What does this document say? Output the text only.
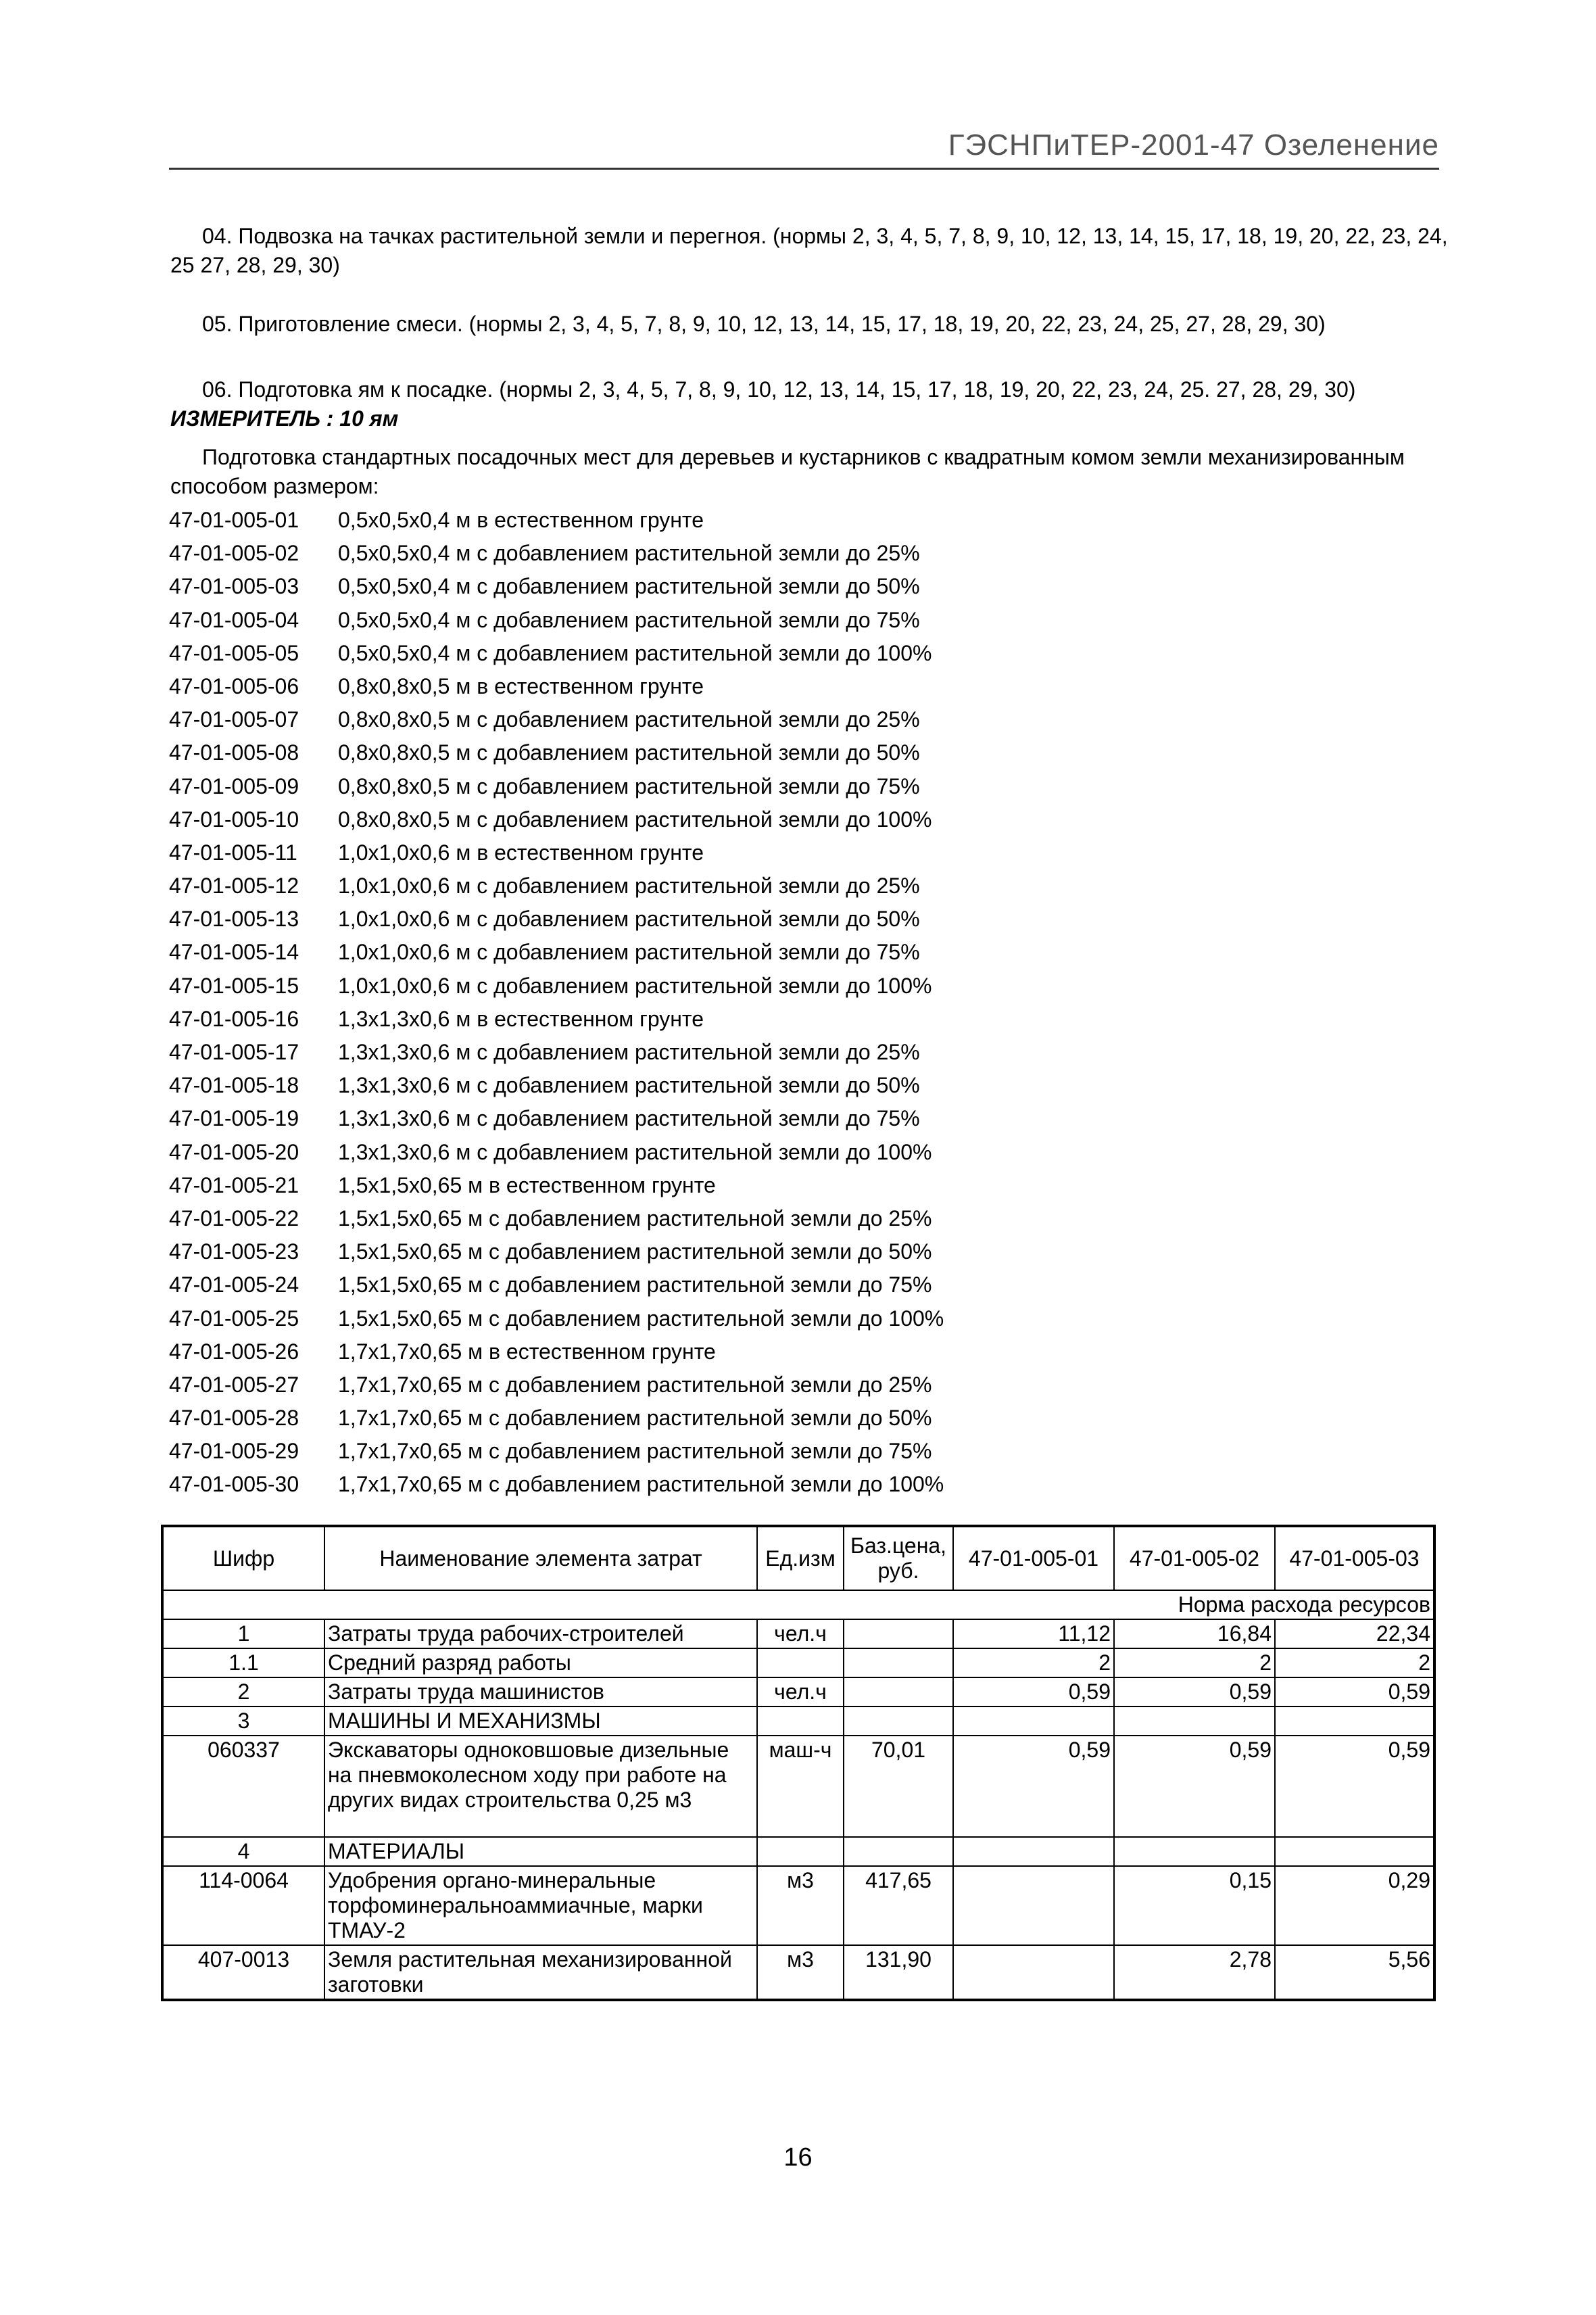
ГЭСНПиТЕР-2001-47 Озеленение
04. Подвозка на тачках растительной земли и перегноя. (нормы 2, 3, 4, 5, 7, 8, 9, 10, 12, 13, 14, 15, 17, 18, 19, 20, 22, 23, 24,
25 27, 28, 29, 30)
05. Приготовление смеси. (нормы 2, 3, 4, 5, 7, 8, 9, 10, 12, 13, 14, 15, 17, 18, 19, 20, 22, 23, 24, 25, 27, 28, 29, 30)
06. Подготовка ям к посадке. (нормы 2, 3, 4, 5, 7, 8, 9, 10, 12, 13, 14, 15, 17, 18, 19, 20, 22, 23, 24, 25. 27, 28, 29, 30)
ИЗМЕРИТЕЛЬ : 10 ям
Подготовка стандартных посадочных мест для деревьев и кустарников с квадратным комом земли механизированным
способом размером:
47-01-005-01	0,5x0,5x0,4 м в естественном грунте
47-01-005-02	0,5x0,5x0,4 м с добавлением растительной земли до 25%
47-01-005-03	0,5x0,5x0,4 м с добавлением растительной земли до 50%
47-01-005-04	0,5x0,5x0,4 м с добавлением растительной земли до 75%
47-01-005-05	0,5x0,5x0,4 м с добавлением растительной земли до 100%
47-01-005-06	0,8x0,8x0,5 м в естественном грунте
47-01-005-07	0,8x0,8x0,5 м с добавлением растительной земли до 25%
47-01-005-08	0,8x0,8x0,5 м с добавлением растительной земли до 50%
47-01-005-09	0,8x0,8x0,5 м с добавлением растительной земли до 75%
47-01-005-10	0,8x0,8x0,5 м с добавлением растительной земли до 100%
47-01-005-11	1,0x1,0x0,6 м в естественном грунте
47-01-005-12	1,0x1,0x0,6 м с добавлением растительной земли до 25%
47-01-005-13	1,0x1,0x0,6 м с добавлением растительной земли до 50%
47-01-005-14	1,0x1,0x0,6 м с добавлением растительной земли до 75%
47-01-005-15	1,0x1,0x0,6 м с добавлением растительной земли до 100%
47-01-005-16	1,3x1,3x0,6 м в естественном грунте
47-01-005-17	1,3x1,3x0,6 м с добавлением растительной земли до 25%
47-01-005-18	1,3x1,3x0,6 м с добавлением растительной земли до 50%
47-01-005-19	1,3x1,3x0,6 м с добавлением растительной земли до 75%
47-01-005-20	1,3x1,3x0,6 м с добавлением растительной земли до 100%
47-01-005-21	1,5x1,5x0,65 м в естественном грунте
47-01-005-22	1,5x1,5x0,65 м с добавлением растительной земли до 25%
47-01-005-23	1,5x1,5x0,65 м с добавлением растительной земли до 50%
47-01-005-24	1,5x1,5x0,65 м с добавлением растительной земли до 75%
47-01-005-25	1,5x1,5x0,65 м с добавлением растительной земли до 100%
47-01-005-26	1,7x1,7x0,65 м в естественном грунте
47-01-005-27	1,7x1,7x0,65 м с добавлением растительной земли до 25%
47-01-005-28	1,7x1,7x0,65 м с добавлением растительной земли до 50%
47-01-005-29	1,7x1,7x0,65 м с добавлением растительной земли до 75%
47-01-005-30	1,7x1,7x0,65 м с добавлением растительной земли до 100%
Шифр	Наименование элемента затрат	Ед.изм	Баз.цена, руб.	47-01-005-01	47-01-005-02	47-01-005-03
Норма расхода ресурсов						
1	Затраты труда рабочих-строителей	чел.ч		11,12	16,84	22,34
1.1	Средний разряд работы			2	2	2
2	Затраты труда машинистов	чел.ч		0,59	0,59	0,59
3	МАШИНЫ И МЕХАНИЗМЫ					
060337	Экскаваторы одноковшовые дизельные на пневмоколесном ходу при работе на других видах строительства 0,25 м3	маш-ч	70,01	0,59	0,59	0,59
4	МАТЕРИАЛЫ					
114-0064	Удобрения органо-минеральные торфоминеральноаммиачные, марки ТМАУ-2	м3	417,65		0,15	0,29
407-0013	Земля растительная механизированной заготовки	м3	131,90		2,78	5,56
16
